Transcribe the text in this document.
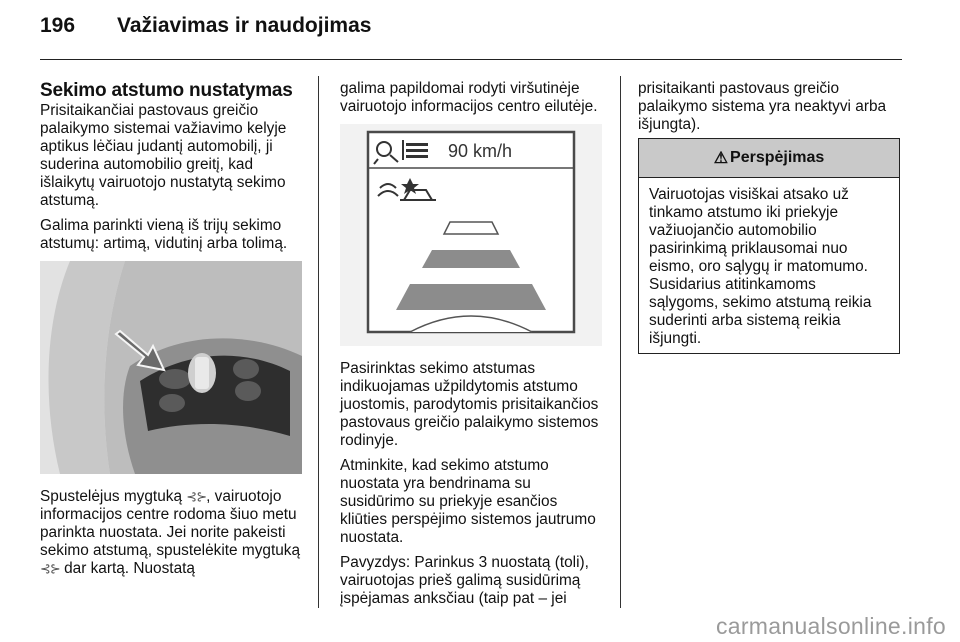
196 Važiavimas ir naudojimas
Sekimo atstumo nustatymas

Prisitaikančiai pastovaus greičio palaikymo sistemai važiavimo kelyje aptikus lėčiau judantį automobilį, ji suderina automobilio greitį, kad išlaikytų vairuotojo nustatytą sekimo atstumą.

Galima parinkti vieną iš trijų sekimo atstumų: artimą, vidutinį arba tolimą.

Spustelėjus mygtuką ⊰⊱, vairuotojo informacijos centre rodoma šiuo metu parinkta nuostata. Jei norite pakeisti sekimo atstumą, spustelėkite mygtuką ⊰⊱ dar kartą. Nuostatą

galima papildomai rodyti viršutinėje vairuotojo informacijos centro eilutėje.

90 km/h

Pasirinktas sekimo atstumas indikuojamas užpildytomis atstumo juostomis, parodytomis prisitaikančios pastovaus greičio palaikymo sistemos rodinyje.

Atminkite, kad sekimo atstumo nuostata yra bendrinama su susidūrimo su priekyje esančios kliūties perspėjimo sistemos jautrumo nuostata.

Pavyzdys: Parinkus 3 nuostatą (toli), vairuotojas prieš galimą susidūrimą įspėjamas anksčiau (taip pat – jei

prisitaikanti pastovaus greičio palaikymo sistema yra neaktyvi arba išjungta).

⚠ Perspėjimas
Vairuotojas visiškai atsako už tinkamo atstumo iki priekyje važiuojančio automobilio pasirinkimą priklausomai nuo eismo, oro sąlygų ir matomumo. Susidarius atitinkamoms sąlygoms, sekimo atstumą reikia suderinti arba sistemą reikia išjungti.
carmanualsonline.info
